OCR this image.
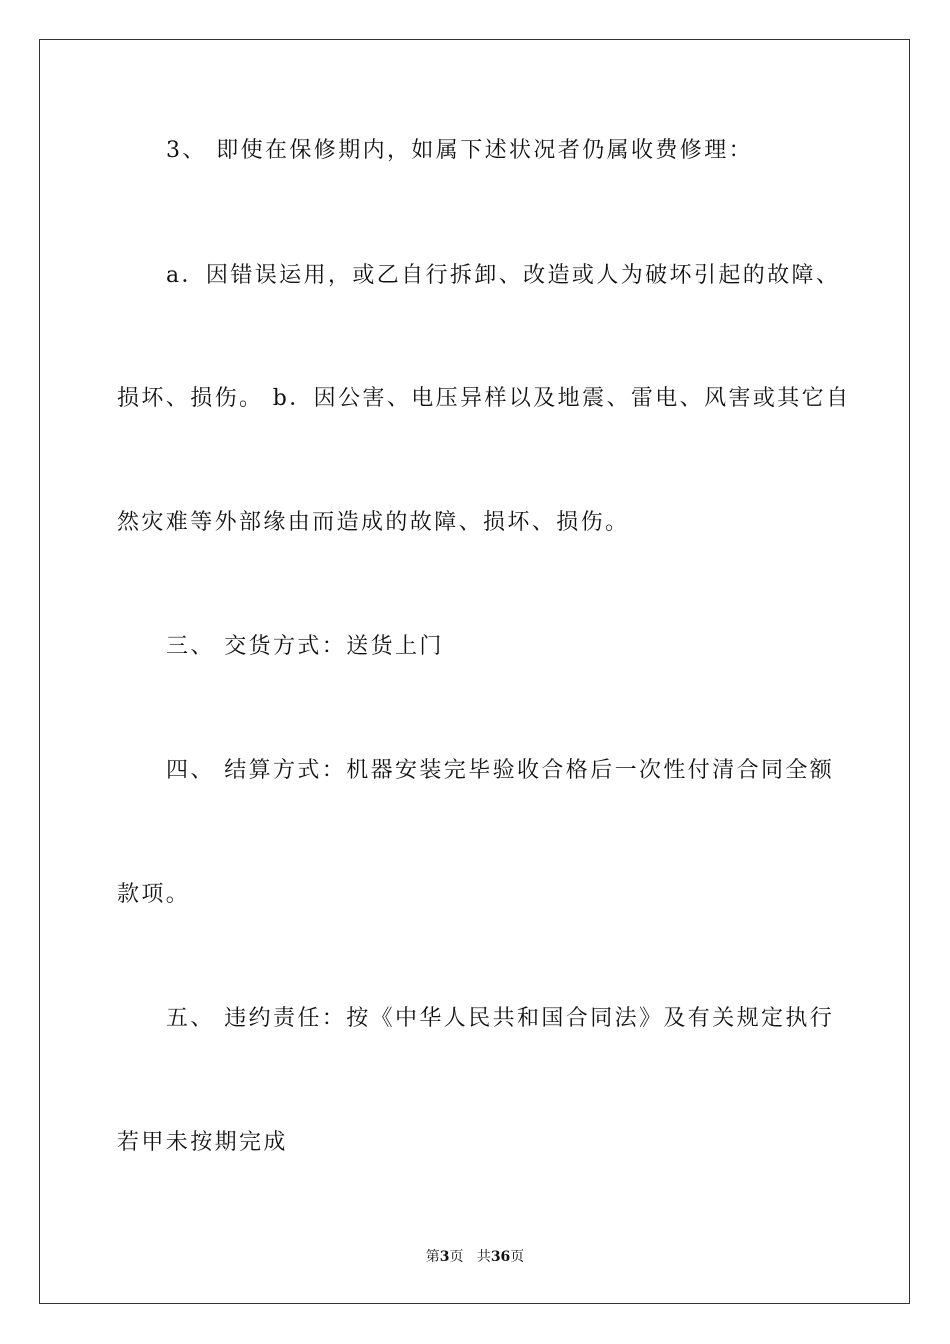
3、 即使在保修期内，如属下述状况者仍属收费修理：
a．因错误运用，或乙自行拆卸、改造或人为破坏引起的故障、
损坏、损伤。 b．因公害、电压异样以及地震、雷电、风害或其它自
然灾难等外部缘由而造成的故障、损坏、损伤。
三、 交货方式：送货上门
四、 结算方式：机器安装完毕验收合格后一次性付清合同全额
款项。
五、 违约责任：按《中华人民共和国合同法》及有关规定执行
若甲未按期完成
第3页 共36页
